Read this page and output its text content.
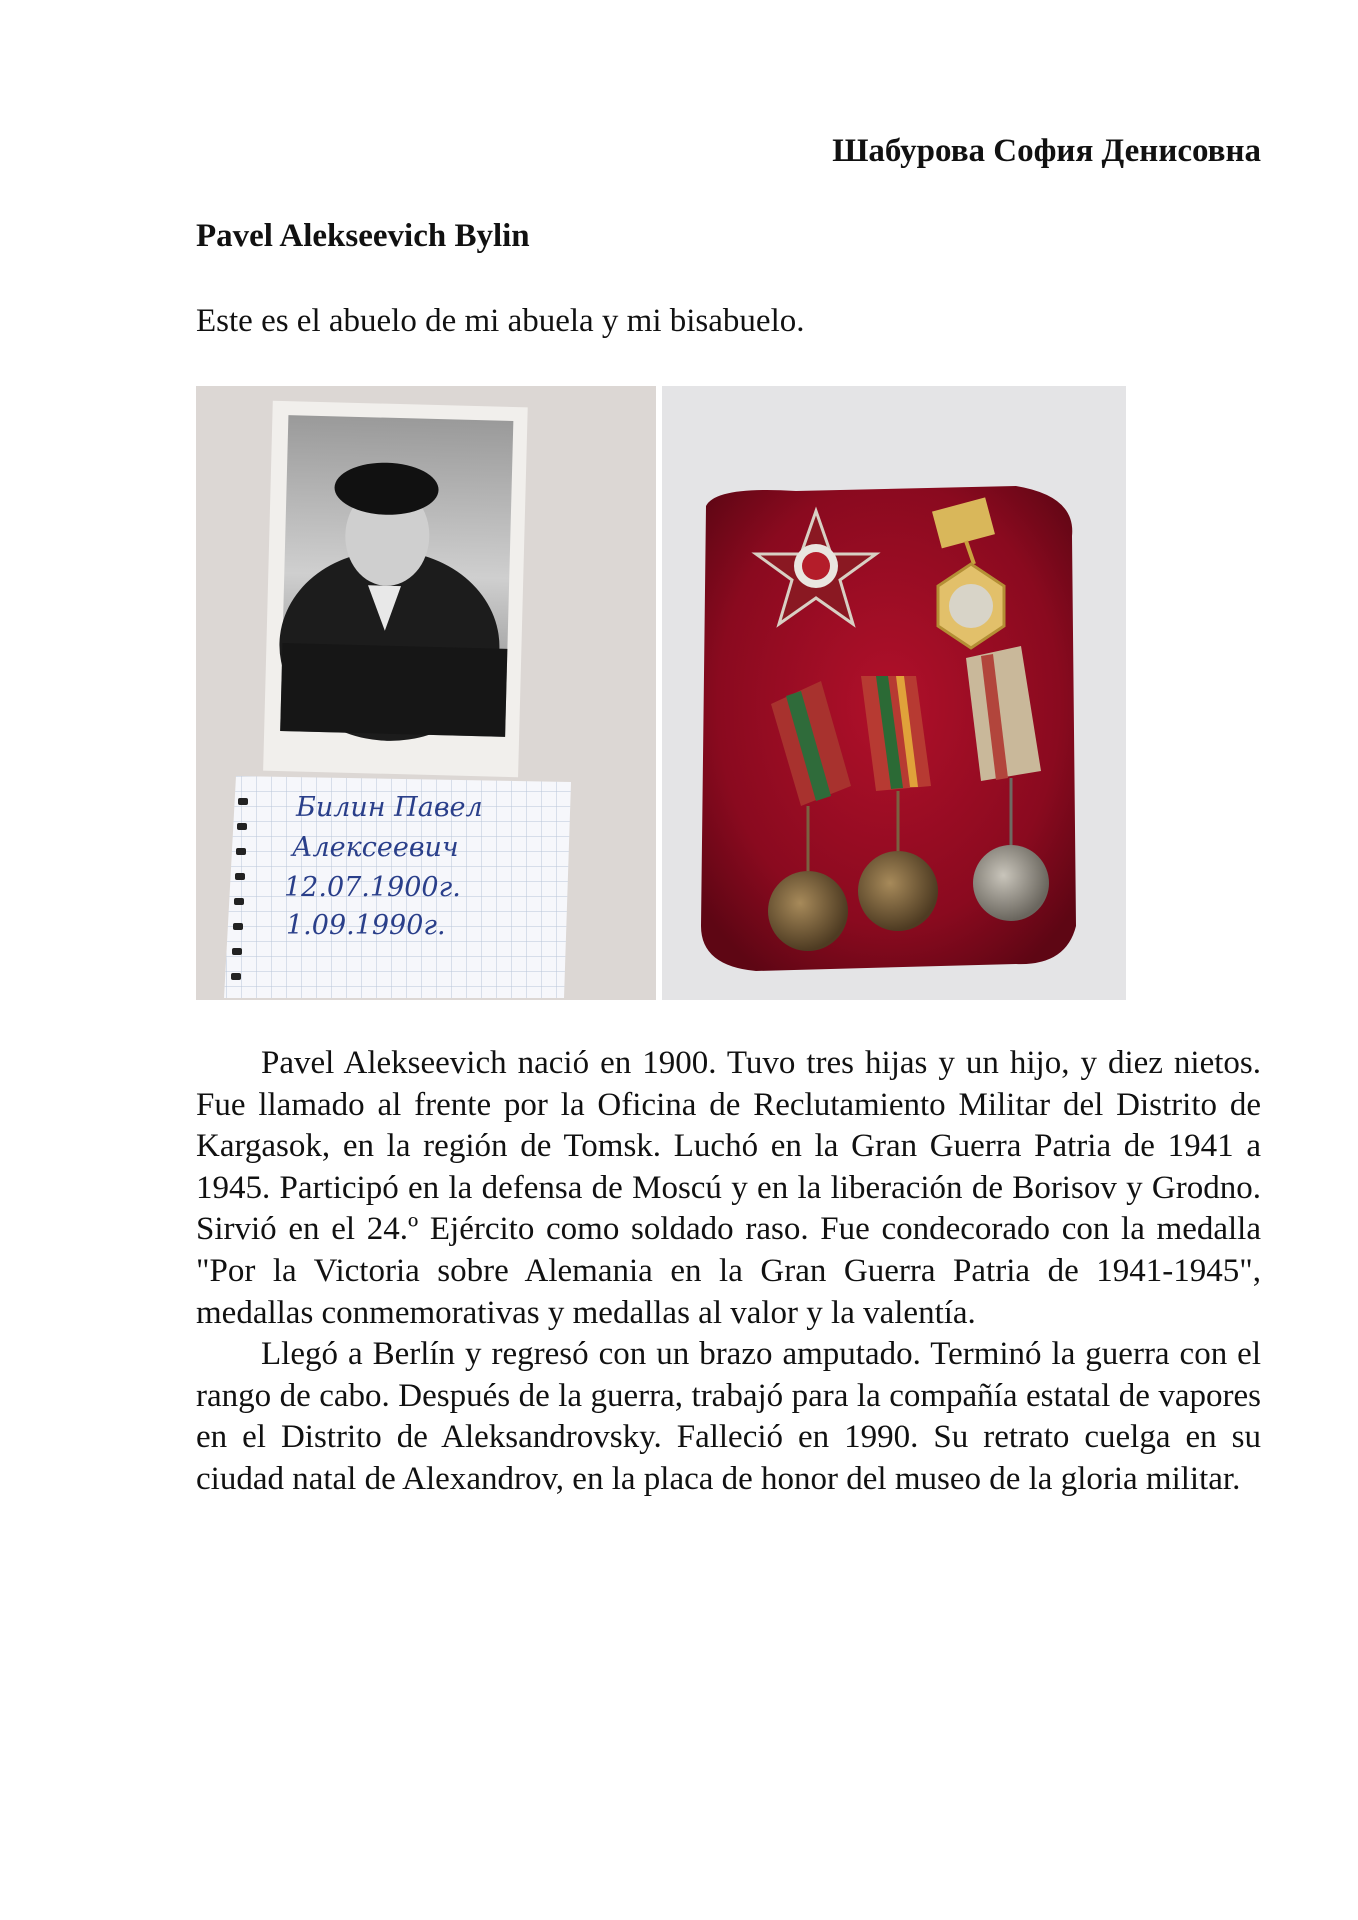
Шабурова София Денисовна
Pavel Alekseevich Bylin
Este es el abuelo de mi abuela y mi bisabuelo.
Билин Павел
Алексеевич
12.07.1900г.
1.09.1990г.

Pavel Alekseevich nació en 1900. Tuvo tres hijas y un hijo, y diez nietos. Fue llamado al frente por la Oficina de Reclutamiento Militar del Distrito de Kargasok, en la región de Tomsk. Luchó en la Gran Guerra Patria de 1941 a 1945. Participó en la defensa de Moscú y en la liberación de Borisov y Grodno. Sirvió en el 24.º Ejército como soldado raso. Fue condecorado con la medalla "Por la Victoria sobre Alemania en la Gran Guerra Patria de 1941-1945", medallas conmemorativas y medallas al valor y la valentía.

Llegó a Berlín y regresó con un brazo amputado. Terminó la guerra con el rango de cabo. Después de la guerra, trabajó para la compañía estatal de vapores en el Distrito de Aleksandrovsky. Falleció en 1990. Su retrato cuelga en su ciudad natal de Alexandrov, en la placa de honor del museo de la gloria militar.
